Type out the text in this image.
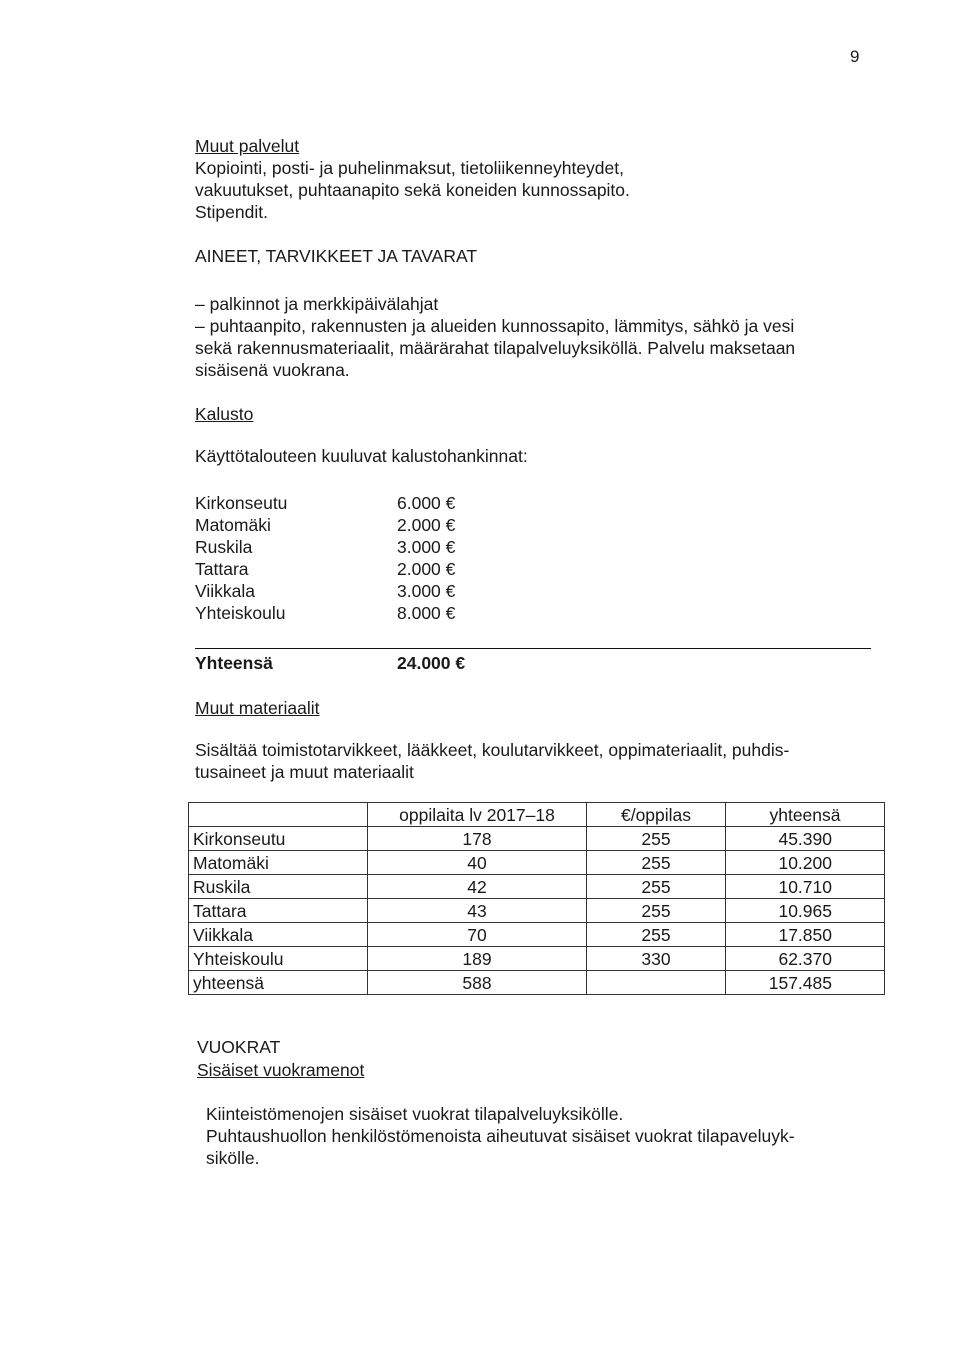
9
Muut palvelut
Kopiointi, posti- ja puhelinmaksut, tietoliikenneyhteydet,
vakuutukset, puhtaanapito sekä koneiden kunnossapito.
Stipendit.
AINEET, TARVIKKEET JA TAVARAT
– palkinnot ja merkkipäivälahjat
– puhtaanpito, rakennusten ja alueiden kunnossapito, lämmitys, sähkö ja vesi
sekä rakennusmateriaalit, määrärahat tilapalveluyksiköllä. Palvelu maksetaan
sisäisenä vuokrana.
Kalusto
Käyttötalouteen kuuluvat kalustohankinnat:
Kirkonseutu	6.000 €
Matomäki	2.000 €
Ruskila	3.000 €
Tattara	2.000 €
Viikkala	3.000 €
Yhteiskoulu	8.000 €
Yhteensä	24.000 €
Muut materiaalit
Sisältää toimistotarvikkeet, lääkkeet, koulutarvikkeet, oppimateriaalit, puhdis-
tusaineet ja muut materiaalit
	oppilaita lv 2017–18	€/oppilas	yhteensä
Kirkonseutu	178	255	45.390
Matomäki	40	255	10.200
Ruskila	42	255	10.710
Tattara	43	255	10.965
Viikkala	70	255	17.850
Yhteiskoulu	189	330	62.370
yhteensä	588		157.485
VUOKRAT
Sisäiset vuokramenot
Kiinteistömenojen sisäiset vuokrat tilapalveluyksikölle.
Puhtaushuollon henkilöstömenoista aiheutuvat sisäiset vuokrat tilapaveluyk-
sikölle.
